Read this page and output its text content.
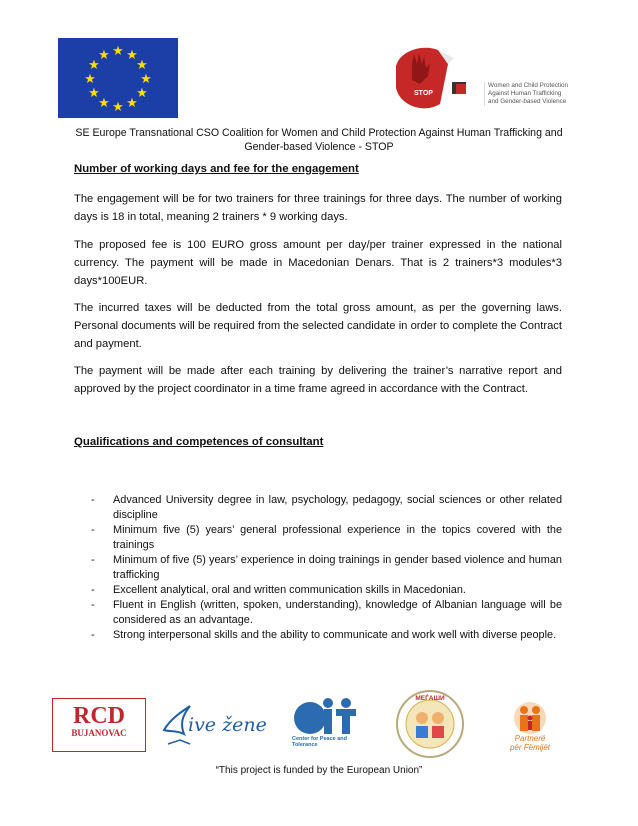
★ ★
★
★
★
★
★
★
★
★
★
★
STOP
Women and Child Protection
Against Human Trafficking
and Gender-based Violence
SE Europe Transnational CSO Coalition for Women and Child Protection Against Human Trafficking and Gender-based Violence - STOP
Number of working days and fee for the engagement
The engagement will be for two trainers for three trainings for three days. The number of working days is 18 in total, meaning 2 trainers * 9 working days.
The proposed fee is 100 EURO gross amount per day/per trainer expressed in the national currency. The payment will be made in Macedonian Denars. That is 2 trainers*3 modules*3 days*100EUR.
The incurred taxes will be deducted from the total gross amount, as per the governing laws. Personal documents will be required from the selected candidate in order to complete the Contract and payment.
The payment will be made after each training by delivering the trainer’s narrative report and approved by the project coordinator in a time frame agreed in accordance with the Contract.
Qualifications and competences of consultant
- Advanced University degree in law, psychology, pedagogy, social sciences or other related discipline
- Minimum five (5) years’ general professional experience in the topics covered with the trainings
- Minimum of five (5) years’ experience in doing trainings in gender based violence and human trafficking
- Excellent analytical, oral and written communication skills in Macedonian.
- Fluent in English (written, spoken, understanding), knowledge of Albanian language will be considered as an advantage.
- Strong interpersonal skills and the ability to communicate and work well with diverse people.
RCD
BUJANOVAC	ive žene
Center for Peace and Tolerance
МЕЃАШИ
Partnerë
për Fëmijët
“This project is funded by the European Union”
